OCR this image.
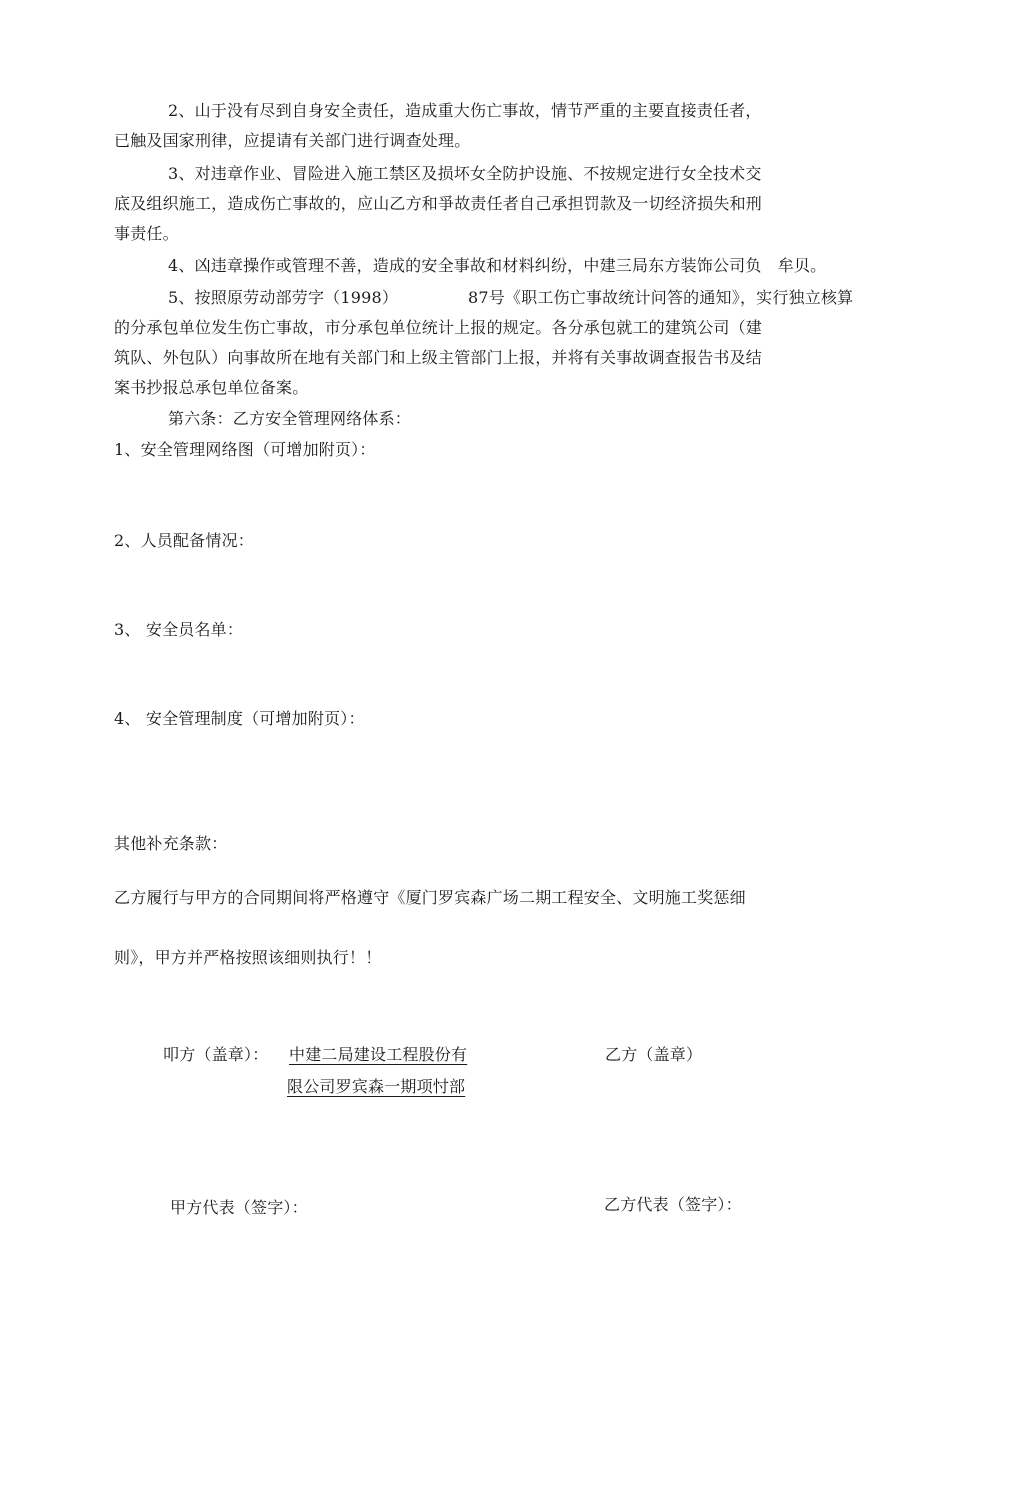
2、山于没有尽到自身安全责任，造成重大伤亡事故，情节严重的主要直接责任者，
已触及国家刑律，应提请有关部门进行调查处理。
3、对违章作业、冒险进入施工禁区及损坏女全防护设施、不按规定进行女全技术交
底及组织施工，造成伤亡事故的，应山乙方和爭故责任者自己承担罚款及一切经济损失和刑
事责任。
4、凶违章操作或管理不善，造成的安全事故和材料纠纷，中建三局东方装饰公司负　牟贝。
5、按照原劳动部劳字（1998）	87号《职工伤亡事故统计问答的通知》，实行独立核算
的分承包单位发生伤亡事故，市分承包单位统计上报的规定。各分承包就工的建筑公司（建
筑队、外包队）向事故所在地有关部门和上级主管部门上报，并将有关事故调查报告书及结
案书抄报总承包单位备案。
第六条：乙方安全管理网络体系：
1、安全管理网络图（可增加附页）：
2、人员配备情况：
3、 安全员名单：
4、 安全管理制度（可增加附页）：
其他补充条款：
乙方履行与甲方的合同期间将严格遵守《厦门罗宾森广场二期工程安全、文明施工奖惩细
则》，甲方并严格按照该细则执行！！
叩方（盖章）： 中建二局建设工程股份有
限公司罗宾森一期项忖部
乙方（盖章）
甲方代表（签字）：	乙方代表（签字）：
